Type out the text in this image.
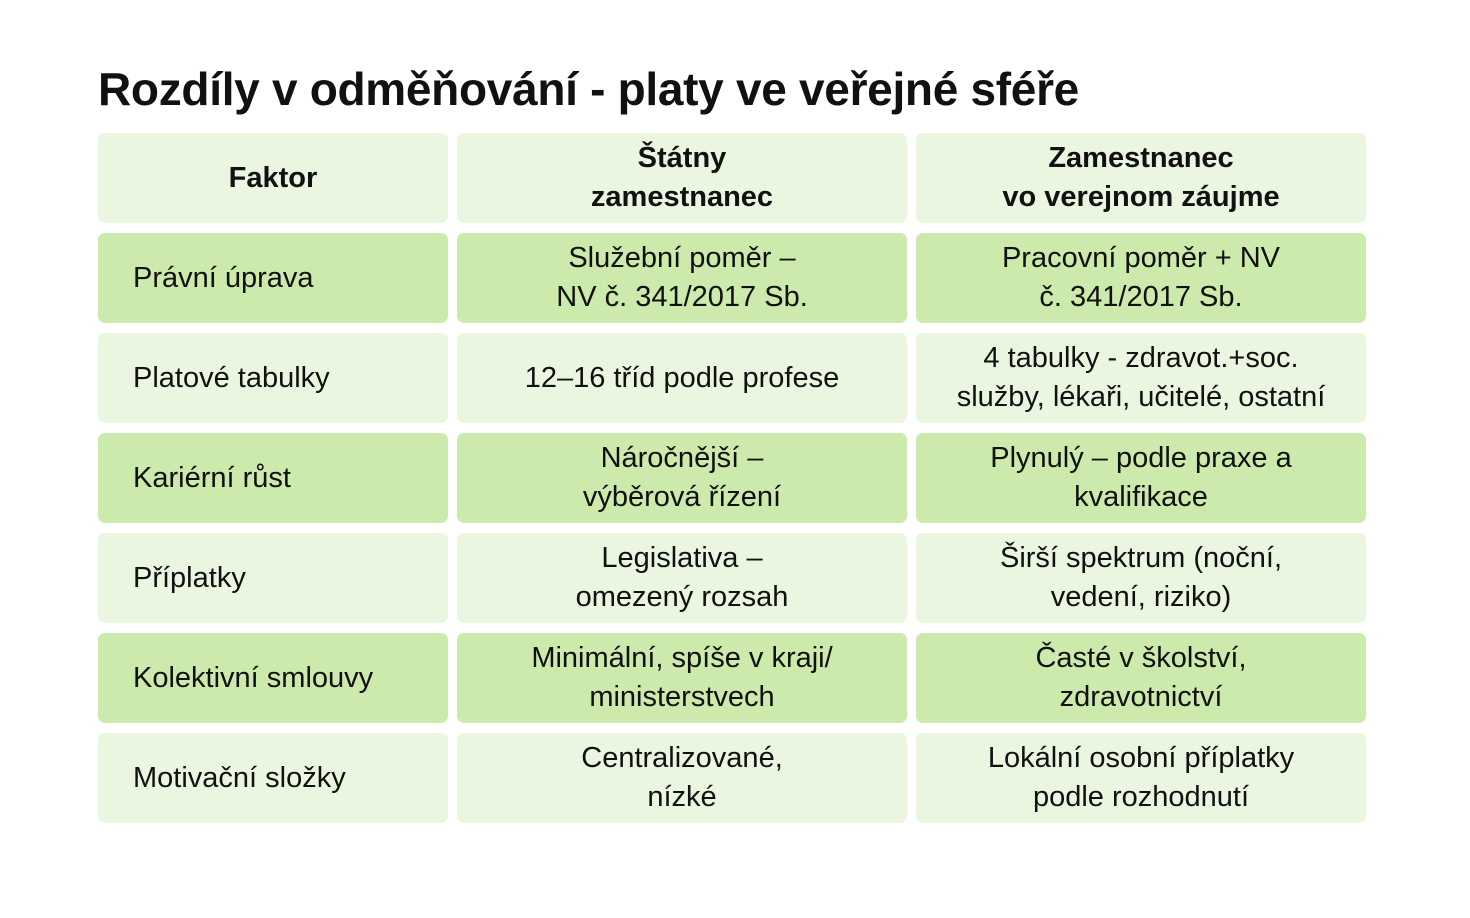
Rozdíly v odměňování - platy ve veřejné sféře
Faktor
Štátny
zamestnanec
Zamestnanec
vo verejnom záujme
Právní úprava
Služební poměr –
NV č. 341/2017 Sb.
Pracovní poměr + NV
č. 341/2017 Sb.
Platové tabulky	12–16 tříd podle profese
4 tabulky - zdravot.+soc.
služby, lékaři, učitelé, ostatní
Kariérní růst
Náročnější –
výběrová řízení
Plynulý – podle praxe a
kvalifikace
Příplatky
Legislativa –
omezený rozsah
Širší spektrum (noční,
vedení, riziko)
Kolektivní smlouvy
Minimální, spíše v kraji/
ministerstvech
Časté v školství,
zdravotnictví
Motivační složky
Centralizované,
nízké
Lokální osobní příplatky
podle rozhodnutí
